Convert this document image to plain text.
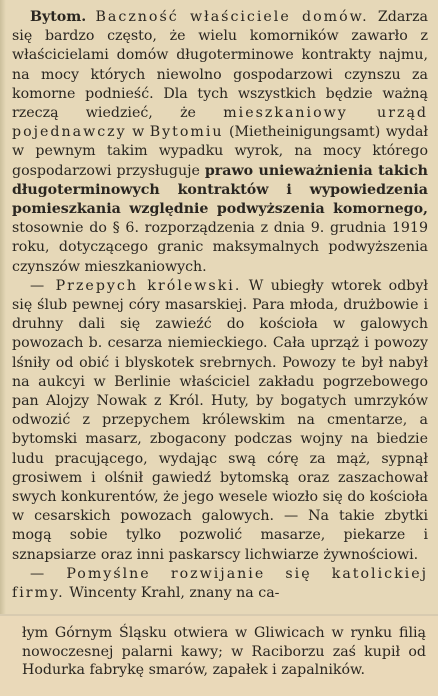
Bytom. Baczność właściciele domów. Zdarza się bardzo często, że wielu komorników zawarło z właścicielami domów długoterminowe kontrakty najmu, na mocy których niewolno gospodarzowi czynszu za komorne podnieść. Dla tych wszystkich będzie ważną rzeczą wiedzieć, że mieszkaniowy urząd pojednawczy w Bytomiu (Mietheinigungsamt) wydał w pewnym takim wypadku wyrok, na mocy którego gospodarzowi przysługuje prawo unieważnienia takich długoterminowych kontraktów i wypowiedzenia pomieszkania względnie podwyższenia komornego, stosownie do § 6. rozporządzenia z dnia 9. grudnia 1919 roku, dotyczącego granic maksymalnych podwyższenia czynszów mieszkaniowych.

— Przepych królewski. W ubiegły wtorek odbył się ślub pewnej córy masarskiej. Para młoda, drużbowie i druhny dali się zawieźć do kościoła w galowych powozach b. cesarza niemieckiego. Cała uprząż i powozy lśniły od obić i blyskotek srebrnych. Powozy te był nabył na aukcyi w Berlinie właściciel zakładu pogrzebowego pan Alojzy Nowak z Król. Huty, by bogatych umrzyków odwozić z przepychem królewskim na cmentarze, a bytomski masarz, zbogacony podczas wojny na biedzie ludu pracującego, wydając swą córę za mąż, sypnął grosiwem i olśnił gawiedź bytomską oraz zaszachował swych konkurentów, że jego wesele wiozło się do kościoła w cesarskich powozach galowych. — Na takie zbytki mogą sobie tylko pozwolić masarze, piekarze i sznapsiarze oraz inni paskarscy lichwiarze żywnościowi.

— Pomyślne rozwijanie się katolickiej firmy. Wincenty Krahl, znany na ca-

łym Górnym Śląsku otwiera w Gliwicach w rynku filią nowoczesnej palarni kawy; w Raciborzu zaś kupił od Hodurka fabrykę smarów, zapałek i zapalników.
